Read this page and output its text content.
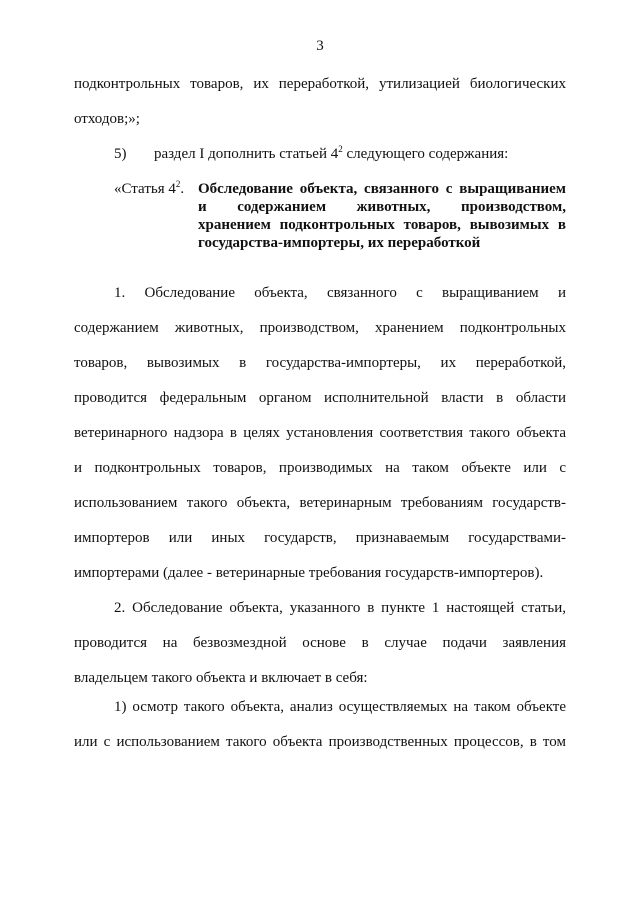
3
подконтрольных товаров, их переработкой, утилизацией биологических
отходов;»;
5) раздел I дополнить статьей $4^2$ следующего содержания:
«Статья $4^2$. Обследование объекта, связанного с выращиванием
и содержанием животных, производством,
хранением подконтрольных товаров, вывозимых в
государства-импортеры, их переработкой
1. Обследование объекта, связанного с выращиванием и
содержанием животных, производством, хранением подконтрольных
товаров, вывозимых в государства-импортеры, их переработкой,
проводится федеральным органом исполнительной власти в области
ветеринарного надзора в целях установления соответствия такого объекта
и подконтрольных товаров, производимых на таком объекте или с
использованием такого объекта, ветеринарным требованиям государств-
импортеров или иных государств, признаваемым государствами-
импортерами (далее - ветеринарные требования государств-импортеров).
2. Обследование объекта, указанного в пункте 1 настоящей статьи,
проводится на безвозмездной основе в случае подачи заявления
владельцем такого объекта и включает в себя:
1) осмотр такого объекта, анализ осуществляемых на таком объекте
или с использованием такого объекта производственных процессов, в том
